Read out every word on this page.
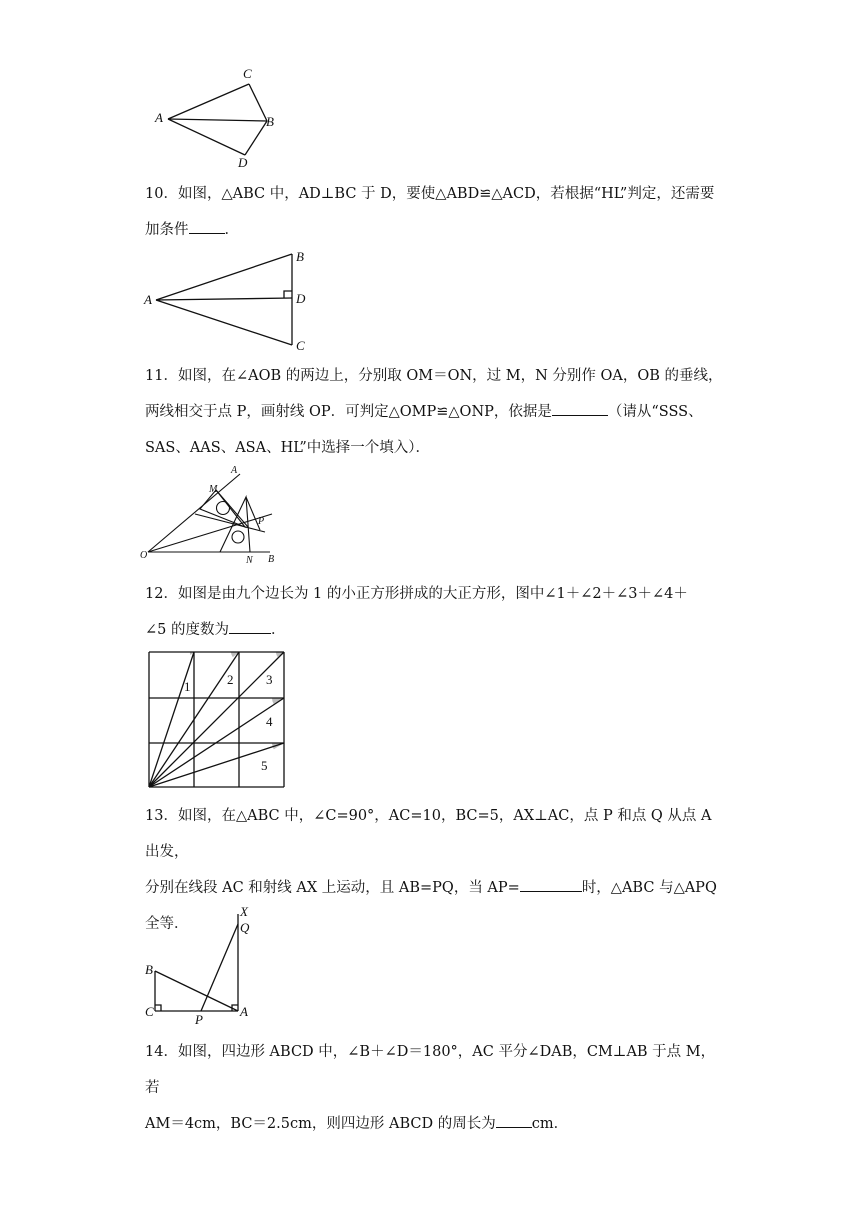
A
C
B
D

10．如图，△ABC 中，AD⊥BC 于 D，要使△ABD≌△ACD，若根据“HL”判定，还需要

加条件 ．

A
B
D
C

11．如图，在∠AOB 的两边上，分别取 OM＝ON，过 M，N 分别作 OA，OB 的垂线，

两线相交于点 P，画射线 OP．可判定△OMP≌△ONP，依据是	（请从“SSS、

SAS、AAS、ASA、HL”中选择一个填入）．

O
A
M
P
N B

12．如图是由九个边长为 1 的小正方形拼成的大正方形，图中∠1＋∠2＋∠3＋∠4＋

∠5 的度数为	．

1	2	3
4
5

13．如图，在△ABC 中，∠C=90°，AC=10，BC=5，AX⊥AC，点 P 和点 Q 从点 A 出发，

分别在线段 AC 和射线 AX 上运动，且 AB=PQ，当 AP=	时，△ABC 与△APQ

全等．

X
Q
B
C	A
P

14．如图，四边形 ABCD 中，∠B＋∠D＝180°，AC 平分∠DAB，CM⊥AB 于点 M，若

AM＝4cm，BC＝2.5cm，则四边形 ABCD 的周长为 cm．
